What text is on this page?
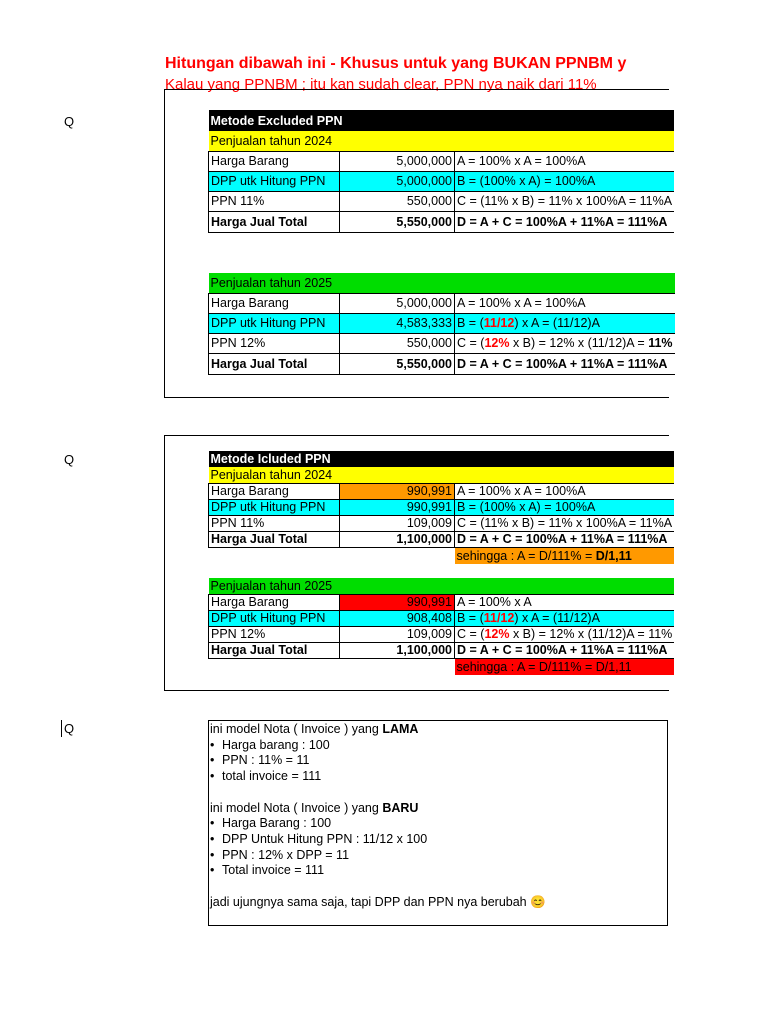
Hitungan dibawah ini - Khusus untuk yang BUKAN PPNBM y
Kalau yang PPNBM ; itu kan sudah clear, PPN nya naik dari 11%
Q	Metode Excluded PPN		
Penjualan tahun 2024		
Harga Barang	5,000,000	A = 100% x A = 100%A
DPP utk Hitung PPN	5,000,000	B = (100% x A) = 100%A
PPN 11%	550,000	C = (11% x B) = 11% x 100%A = 11%A
Harga Jual Total	5,550,000	D = A + C = 100%A + 11%A = 111%A
Penjualan tahun 2025		
Harga Barang	5,000,000	A = 100% x A = 100%A
DPP utk Hitung PPN	4,583,333	B = (11/12) x A = (11/12)A
PPN 12%	550,000	C = (12% x B) = 12% x (11/12)A = 11%
Harga Jual Total	5,550,000	D = A + C = 100%A + 11%A = 111%A
Q	Metode Icluded PPN		
Penjualan tahun 2024		
Harga Barang	990,991	A = 100% x A = 100%A
DPP utk Hitung PPN	990,991	B = (100% x A) = 100%A
PPN 11%	109,009	C = (11% x B) = 11% x 100%A = 11%A
Harga Jual Total	1,100,000	D = A + C = 100%A + 11%A = 111%A
		sehingga : A = D/111% = D/1,11
Penjualan tahun 2025		
Harga Barang	990,991	A = 100% x A
DPP utk Hitung PPN	908,408	B = (11/12) x A = (11/12)A
PPN 12%	109,009	C = (12% x B) = 12% x (11/12)A = 11%
Harga Jual Total	1,100,000	D = A + C = 100%A + 11%A = 111%A
		sehingga : A = D/111% = D/1,11
Q	ini model Nota ( Invoice ) yang LAMA

• Harga barang : 100

• PPN : 11% = 11

• total invoice = 111

ini model Nota ( Invoice ) yang BARU

• Harga Barang : 100

• DPP Untuk Hitung PPN : 11/12 x 100

• PPN : 12% x DPP = 11

• Total invoice = 111

jadi ujungnya sama saja, tapi DPP dan PPN nya berubah 😊
